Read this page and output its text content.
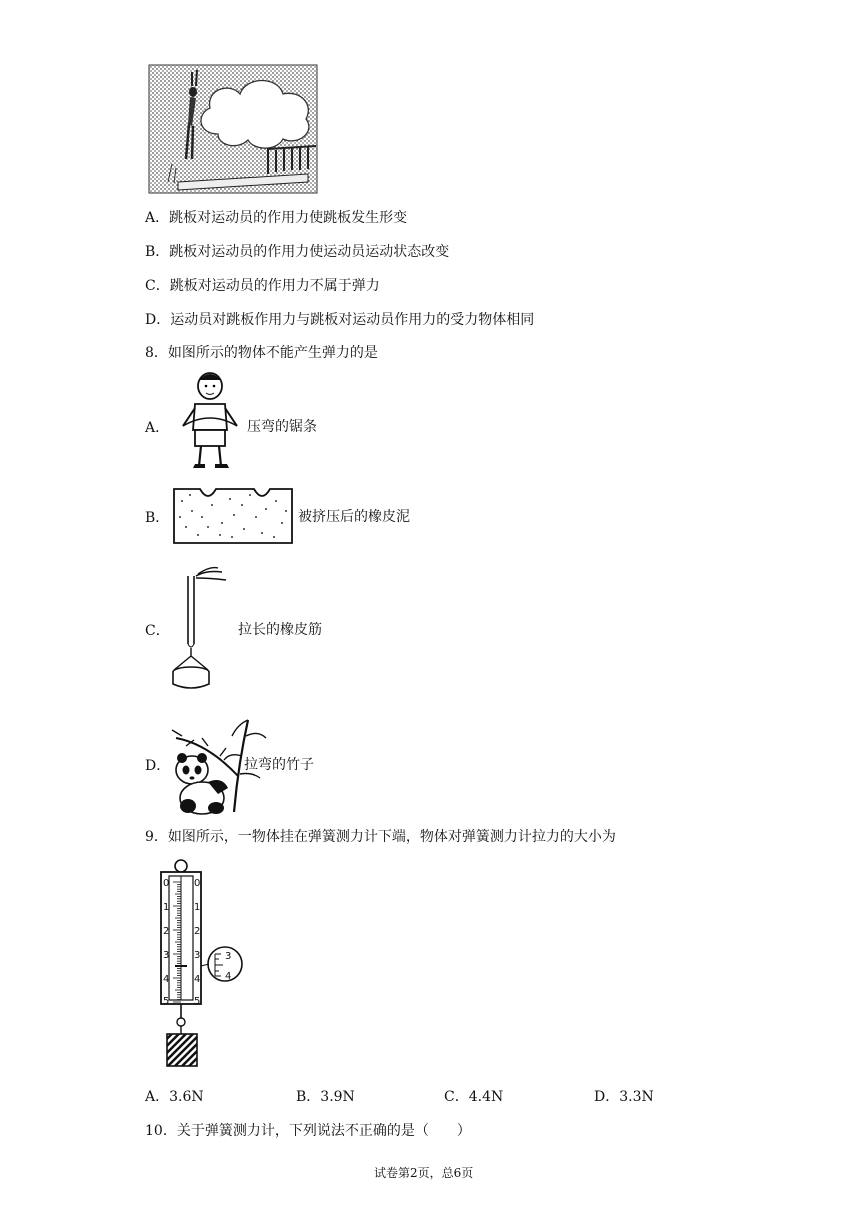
A．跳板对运动员的作用力使跳板发生形变
B．跳板对运动员的作用力使运动员运动状态改变
C．跳板对运动员的作用力不属于弹力
D．运动员对跳板作用力与跳板对运动员作用力的受力物体相同
8．如图所示的物体不能产生弹力的是
A．	压弯的锯条
B．	被挤压后的橡皮泥
C．	拉长的橡皮筋
D．	拉弯的竹子
9．如图所示，一物体挂在弹簧测力计下端，物体对弹簧测力计拉力的大小为
0
1
2
3
4
5
0
1
2
3
4
5
3
4
A．3.6N	B．3.9N	C．4.4N	D．3.3N
10．关于弹簧测力计，下列说法不正确的是（　　）
试卷第2页，总6页
